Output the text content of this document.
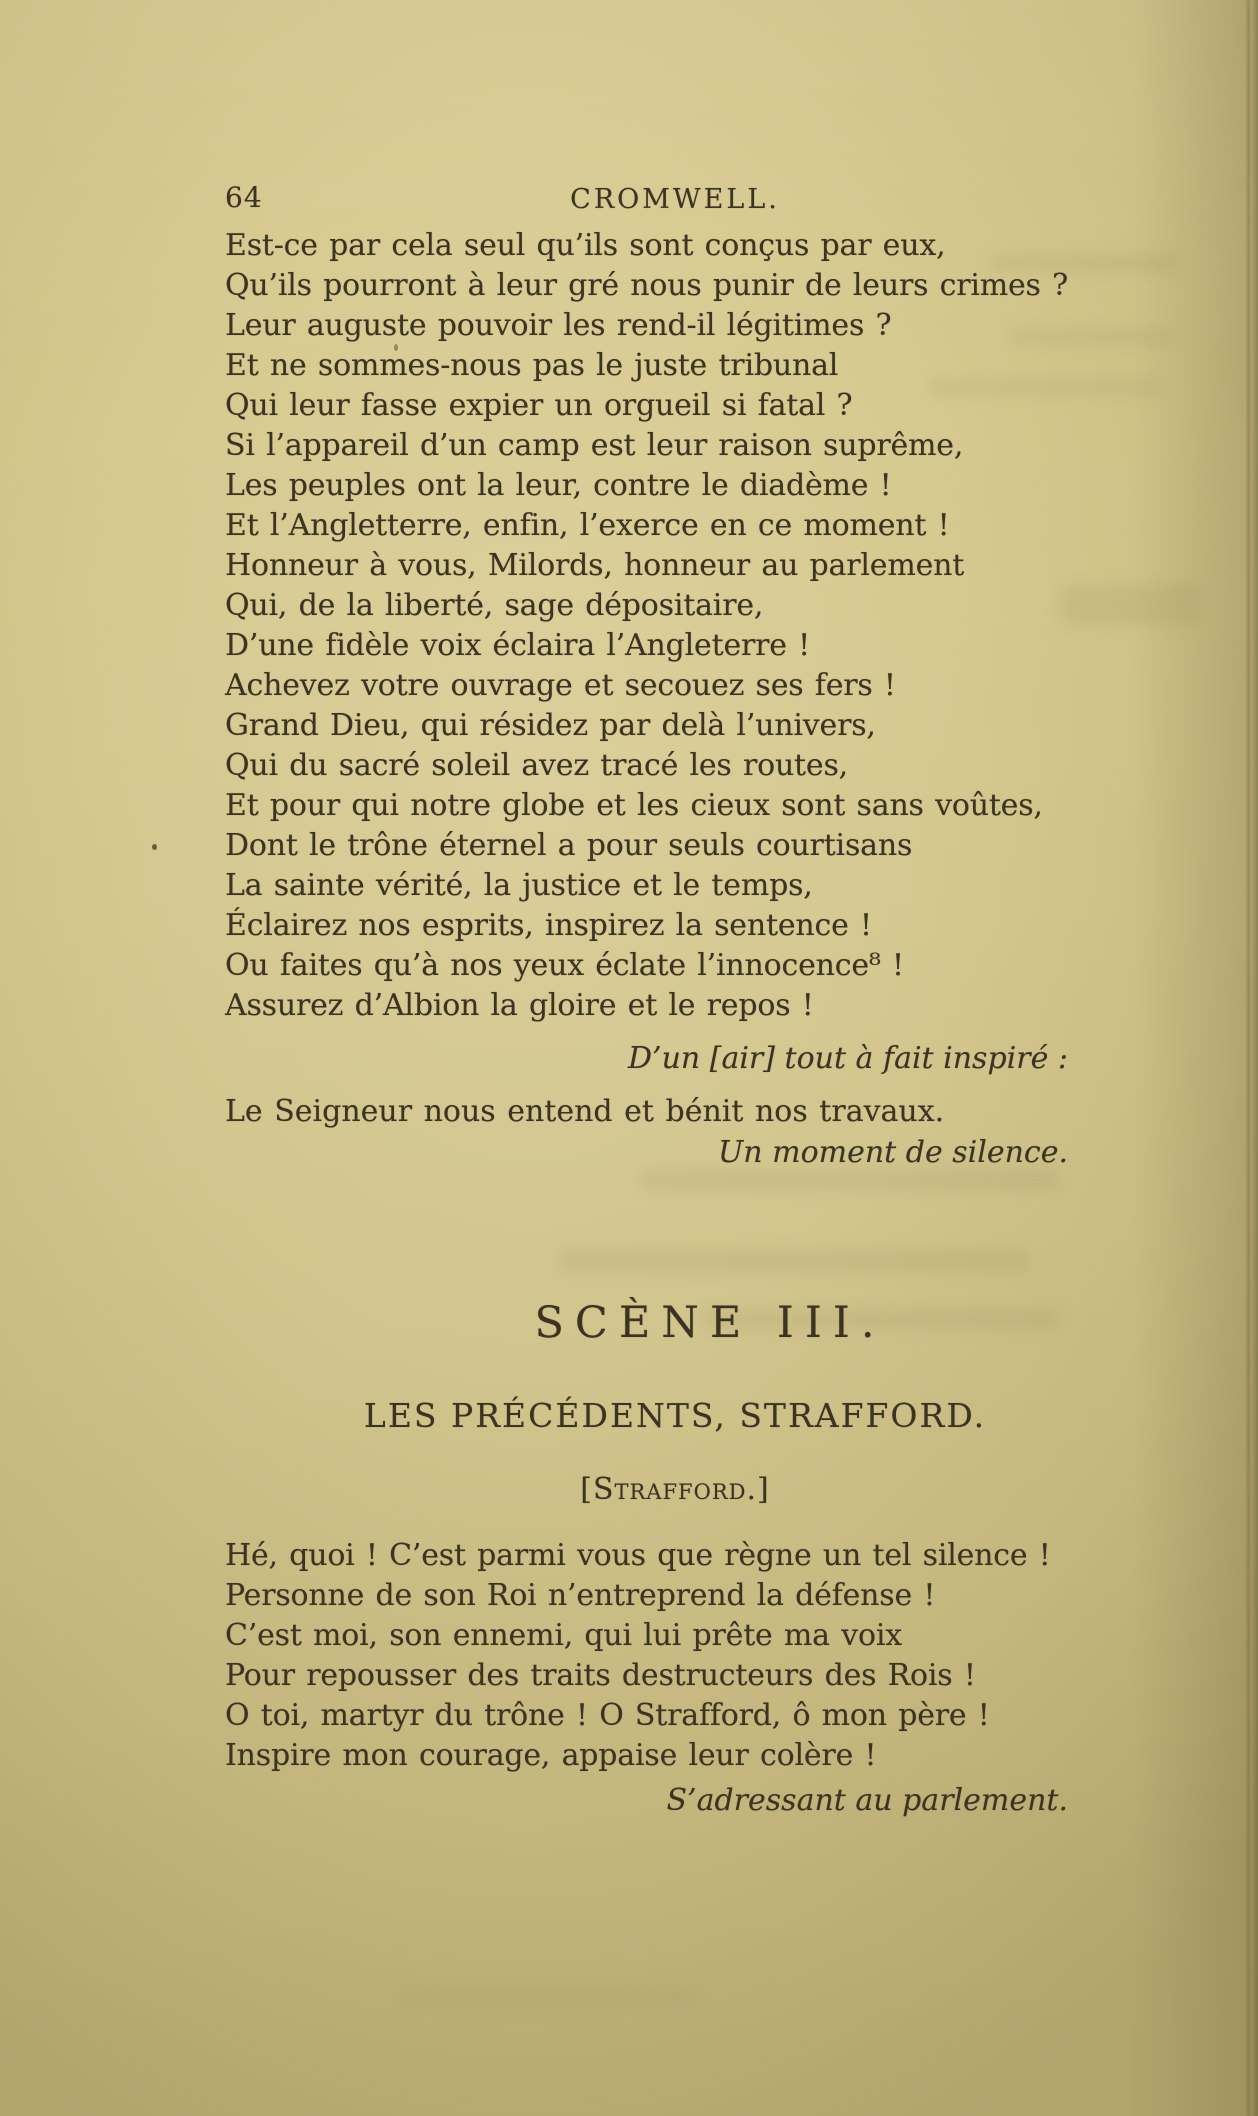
64	CROMWELL.
Est-ce par cela seul qu’ils sont conçus par eux,
Qu’ils pourront à leur gré nous punir de leurs crimes ?
Leur auguste pouvoir les rend-il légitimes ?
Et ne sommes-nous pas le juste tribunal
Qui leur fasse expier un orgueil si fatal ?
Si l’appareil d’un camp est leur raison suprême,
Les peuples ont la leur, contre le diadème !
Et l’Angletterre, enfin, l’exerce en ce moment !
Honneur à vous, Milords, honneur au parlement
Qui, de la liberté, sage dépositaire,
D’une fidèle voix éclaira l’Angleterre !
Achevez votre ouvrage et secouez ses fers !
Grand Dieu, qui résidez par delà l’univers,
Qui du sacré soleil avez tracé les routes,
Et pour qui notre globe et les cieux sont sans voûtes,
Dont le trône éternel a pour seuls courtisans
La sainte vérité, la justice et le temps,
Éclairez nos esprits, inspirez la sentence !
Ou faites qu’à nos yeux éclate l’innocence⁸ !
Assurez d’Albion la gloire et le repos !
D’un [air] tout à fait inspiré :
Le Seigneur nous entend et bénit nos travaux.
Un moment de silence.
SCÈNE III.
LES PRÉCÉDENTS, STRAFFORD.
[Strafford.]
Hé, quoi ! C’est parmi vous que règne un tel silence !
Personne de son Roi n’entreprend la défense !
C’est moi, son ennemi, qui lui prête ma voix
Pour repousser des traits destructeurs des Rois !
O toi, martyr du trône ! O Strafford, ô mon père !
Inspire mon courage, appaise leur colère !
S’adressant au parlement.
